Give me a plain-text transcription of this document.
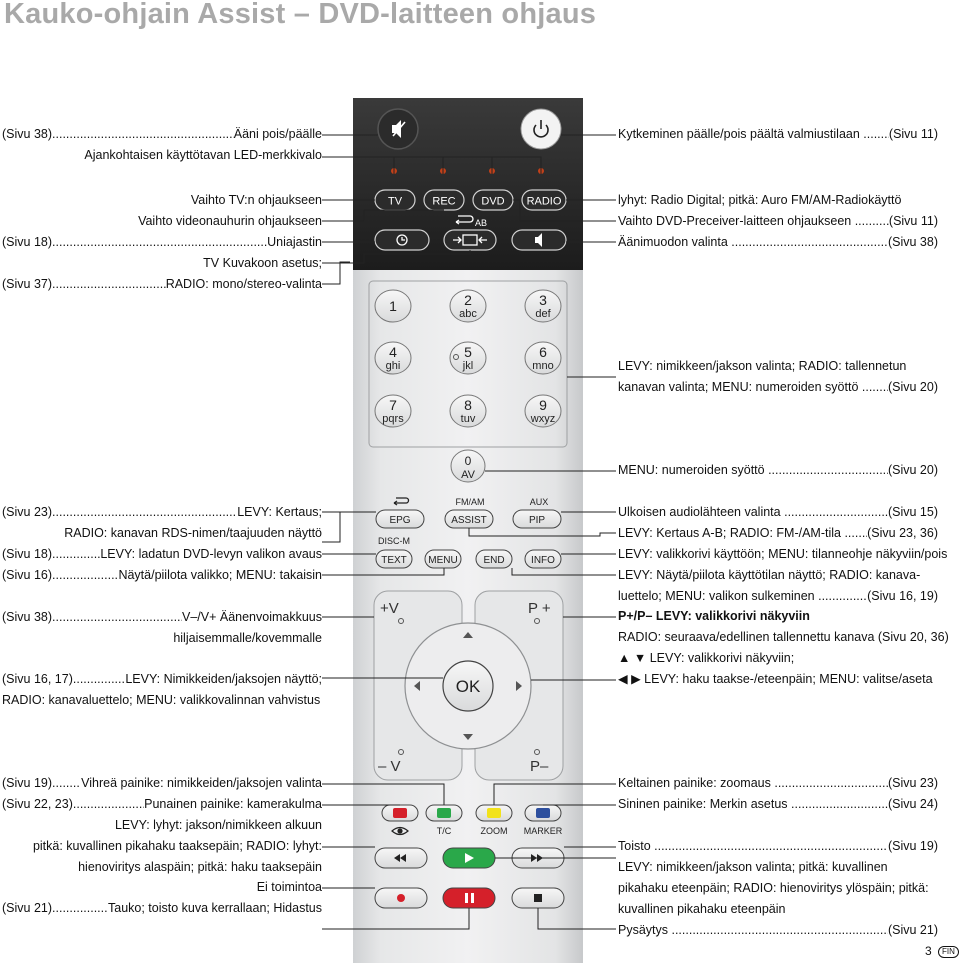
Kauko-ohjain Assist – DVD-laitteen ohjaus
(Sivu 38) .....	Ääni pois/päälle
Ajankohtaisen käyttötavan LED-merkkivalo
Vaihto TV:n ohjaukseen
Vaihto videonauhurin ohjaukseen
(Sivu 18) .....	Uniajastin
TV Kuvakoon asetus;
(Sivu 37) .....	RADIO: mono/stereo-valinta
(Sivu 23) .....	LEVY: Kertaus;
RADIO: kanavan RDS-nimen/taajuuden näyttö
(Sivu 18) .....	LEVY: ladatun DVD-levyn valikon avaus
(Sivu 16) .....	Näytä/piilota valikko; MENU: takaisin
(Sivu 38) .....	V–/V+ Äänenvoimakkuus
hiljaisemmalle/kovemmalle
(Sivu 16, 17) .....	LEVY: Nimikkeiden/jaksojen näyttö;
RADIO: kanavaluettelo; MENU: valikkovalinnan vahvistus
(Sivu 19) ..... Vihreä painike: nimikkeiden/jaksojen valinta
(Sivu 22, 23) .....	Punainen painike: kamerakulma
LEVY: lyhyt: jakson/nimikkeen alkuun
pitkä: kuvallinen pikahaku taaksepäin; RADIO: lyhyt:
hienoviritys alaspäin; pitkä: haku taaksepäin
Ei toimintoa
(Sivu 21) .....	Tauko; toisto kuva kerrallaan; Hidastus
Kytkeminen päälle/pois päältä valmiustilaan .....	(Sivu 11)
lyhyt: Radio Digital; pitkä: Auro FM/AM-Radiokäyttö
Vaihto DVD-Preceiver-laitteen ohjaukseen .....	(Sivu 11)
Äänimuodon valinta .....	(Sivu 38)
LEVY: nimikkeen/jakson valinta; RADIO: tallennetun
kanavan valinta; MENU: numeroiden syöttö .....	(Sivu 20)
MENU: numeroiden syöttö .....	(Sivu 20)
Ulkoisen audiolähteen valinta .....	(Sivu 15)
LEVY: Kertaus A-B; RADIO: FM-/AM-tila .....	(Sivu 23, 36)
LEVY: valikkorivi käyttöön; MENU: tilanneohje näkyviin/pois
LEVY: Näytä/piilota käyttötilan näyttö; RADIO: kanava-
luettelo; MENU: valikon sulkeminen .....	(Sivu 16, 19)
P+/P– LEVY: valikkorivi näkyviin
RADIO: seuraava/edellinen tallennettu kanava (Sivu 20, 36)
▲ ▼ LEVY: valikkorivi näkyviin;
◀ ▶ LEVY: haku taakse-/eteenpäin; MENU: valitse/aseta
Keltainen painike: zoomaus .....	(Sivu 23)
Sininen painike: Merkin asetus .....	(Sivu 24)
Toisto .....	(Sivu 19)
LEVY: nimikkeen/jakson valinta; pitkä: kuvallinen
pikahaku eteenpäin; RADIO: hienoviritys ylöspäin; pitkä:
kuvallinen pikahaku eteenpäin
Pysäytys .....	(Sivu 21)
TV	REC DVD RADIO
AB
1	2
abc
3
def
4
ghi
5
jkl
6
mno
7
pqrs
8
tuv
9
wxyz
0
AV
FM/AM	AUX
EPG	ASSIST	PIP
DISC-M
TEXT MENU	END	INFO
+V	P +
– V	P–
OK
T/C	ZOOM MARKER
3 FIN
